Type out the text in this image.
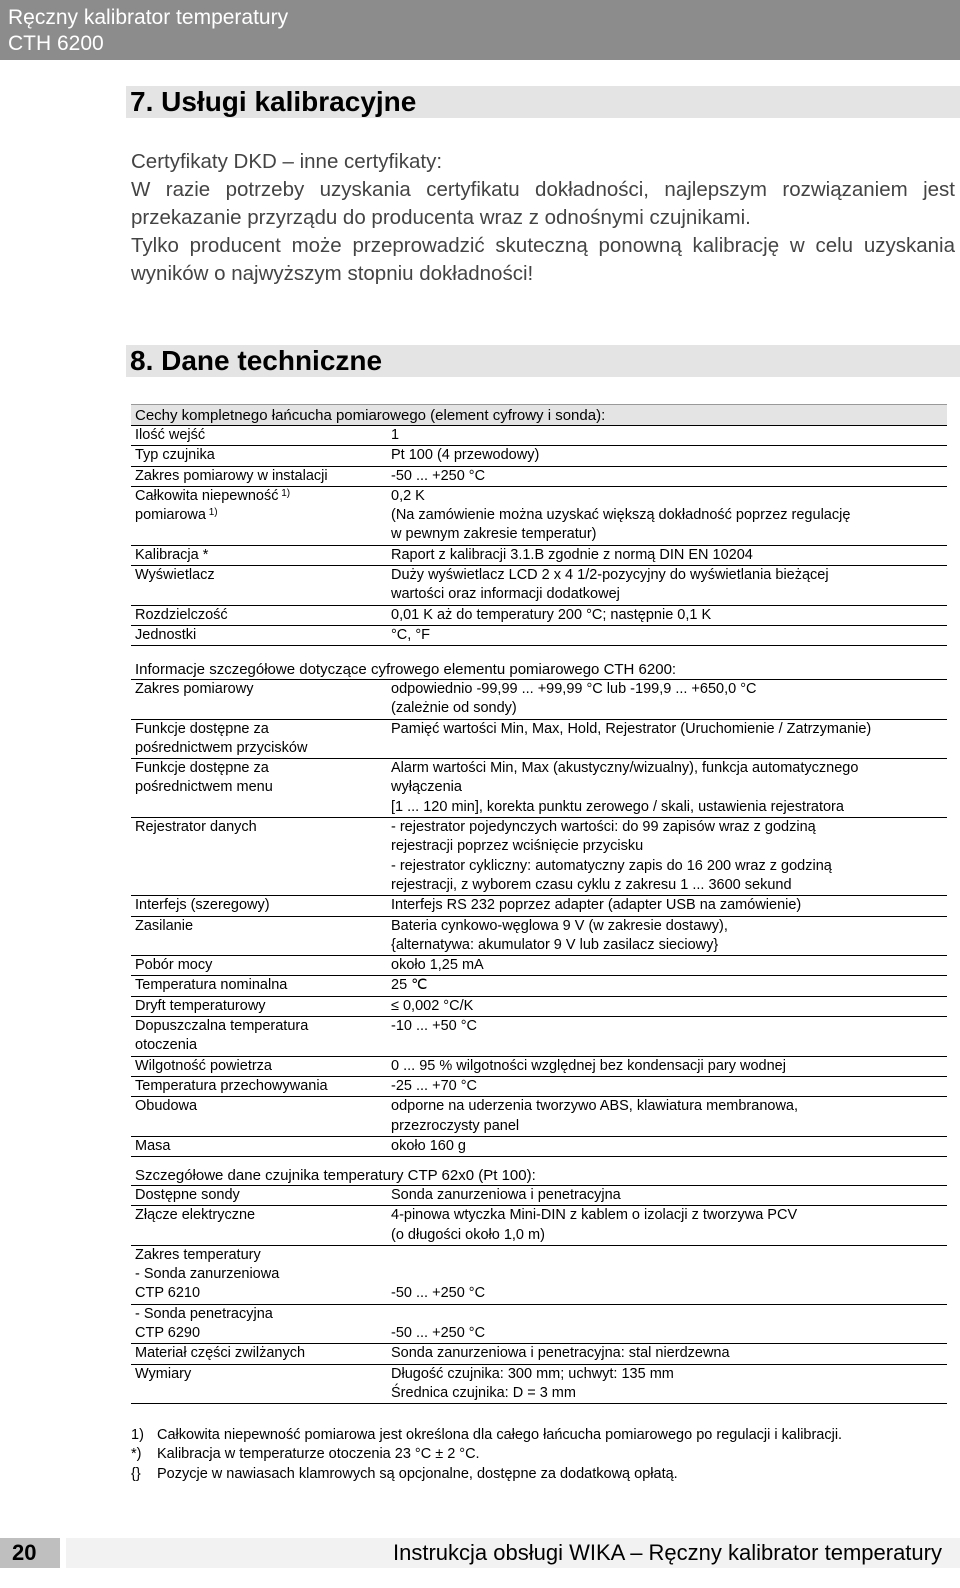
Ręczny kalibrator temperatury
CTH 6200
7. Usługi kalibracyjne

Certyfikaty DKD – inne certyfikaty:

W razie potrzeby uzyskania certyfikatu dokładności, najlepszym rozwiązaniem jest przekazanie przyrządu do producenta wraz z odnośnymi czujnikami.

Tylko producent może przeprowadzić skuteczną ponowną kalibrację w celu uzyskania wyników o najwyższym stopniu dokładności!

8. Dane techniczne
Cechy kompletnego łańcucha pomiarowego (element cyfrowy i sonda):
Ilość wejść	1

Typ czujnika	Pt 100 (4 przewodowy)

Zakres pomiarowy w instalacji	-50 ... +250 °C

Całkowita niepewność $^{1)}$
pomiarowa $^{1)}$	0,2 K
(Na zamówienie można uzyskać większą dokładność poprzez regulację
w pewnym zakresie temperatur)

Kalibracja *	Raport z kalibracji 3.1.B zgodnie z normą DIN EN 10204

Wyświetlacz	Duży wyświetlacz LCD 2 x 4 1/2-pozycyjny do wyświetlania bieżącej
wartości oraz informacji dodatkowej

Rozdzielczość	0,01 K aż do temperatury 200 °C; następnie 0,1 K

Jednostki	°C, °F
Informacje szczegółowe dotyczące cyfrowego elementu pomiarowego CTH 6200:
Zakres pomiarowy	odpowiednio -99,99 ... +99,99 °C lub -199,9 ... +650,0 °C
(zależnie od sondy)

Funkcje dostępne za
pośrednictwem przycisków	Pamięć wartości Min, Max, Hold, Rejestrator (Uruchomienie / Zatrzymanie)

Funkcje dostępne za
pośrednictwem menu	Alarm wartości Min, Max (akustyczny/wizualny), funkcja automatycznego
wyłączenia
[1 ... 120 min], korekta punktu zerowego / skali, ustawienia rejestratora

Rejestrator danych	- rejestrator pojedynczych wartości: do 99 zapisów wraz z godziną
rejestracji poprzez wciśnięcie przycisku
- rejestrator cykliczny: automatyczny zapis do 16 200 wraz z godziną
rejestracji, z wyborem czasu cyklu z zakresu 1 ... 3600 sekund

Interfejs (szeregowy)	Interfejs RS 232 poprzez adapter (adapter USB na zamówienie)

Zasilanie	Bateria cynkowo-węglowa 9 V (w zakresie dostawy),
{alternatywa: akumulator 9 V lub zasilacz sieciowy}

Pobór mocy	około 1,25 mA

Temperatura nominalna	25 ℃

Dryft temperaturowy	≤ 0,002 °C/K

Dopuszczalna temperatura
otoczenia	-10 ... +50 °C

Wilgotność powietrza	0 ... 95 % wilgotności względnej bez kondensacji pary wodnej

Temperatura przechowywania	-25 ... +70 °C

Obudowa	odporne na uderzenia tworzywo ABS, klawiatura membranowa,
przezroczysty panel

Masa	około 160 g
Szczegółowe dane czujnika temperatury CTP 62x0 (Pt 100):
Dostępne sondy	Sonda zanurzeniowa i penetracyjna

Złącze elektryczne	4-pinowa wtyczka Mini-DIN z kablem o izolacji z tworzywa PCV
(o długości około 1,0 m)

Zakres temperatury	

- Sonda zanurzeniowa	

CTP 6210	-50 ... +250 °C

- Sonda penetracyjna	

CTP 6290	-50 ... +250 °C

Materiał części zwilżanych	Sonda zanurzeniowa i penetracyjna: stal nierdzewna

Wymiary	Długość czujnika: 300 mm; uchwyt: 135 mm
Średnica czujnika: D = 3 mm
1) Całkowita niepewność pomiarowa jest określona dla całego łańcucha pomiarowego po regulacji i kalibracji.
*)	Kalibracja w temperaturze otoczenia 23 °C ± 2 °C.
{}	Pozycje w nawiasach klamrowych są opcjonalne, dostępne za dodatkową opłatą.
20	Instrukcja obsługi WIKA – Ręczny kalibrator temperatury
